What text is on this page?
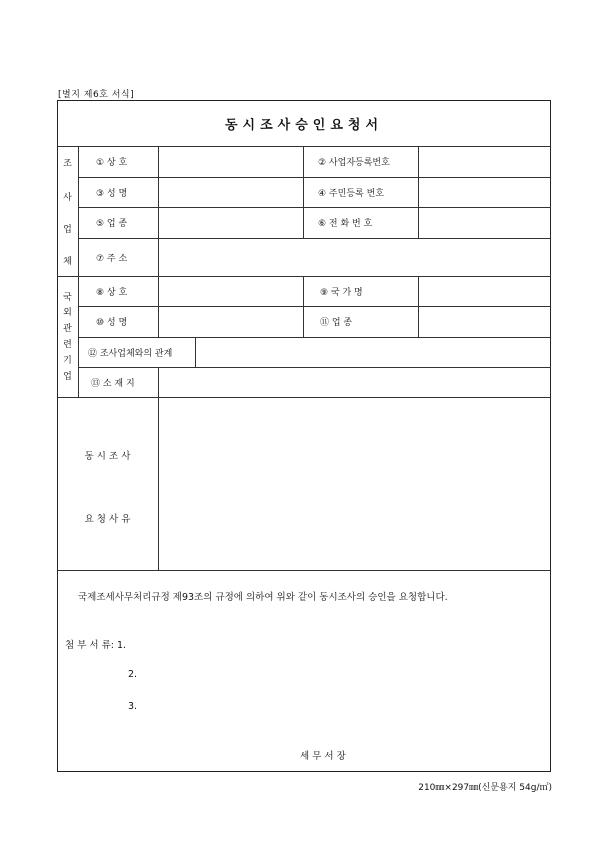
[별지 제6호 서식]
동시조사승인요청서
조
사
업
체
① 상 호	② 사업자등록번호
③ 성 명	④ 주민등록 번호
⑤ 업 종	⑥ 전 화 번 호
⑦ 주 소
국
외
관
련
기
업
⑧ 상 호	⑨ 국 가 명
⑩ 성 명	⑪ 업 종
⑫ 조사업체와의 관계
⑬ 소 재 지
동 시 조 사
요 청 사 유
국제조세사무처리규정 제93조의 규정에 의하여 위와 같이 동시조사의 승인을 요청합니다.
첨 부 서 류: 1.
2.
3.
세 무 서 장
210㎜×297㎜(신문용지 54g/㎡)
